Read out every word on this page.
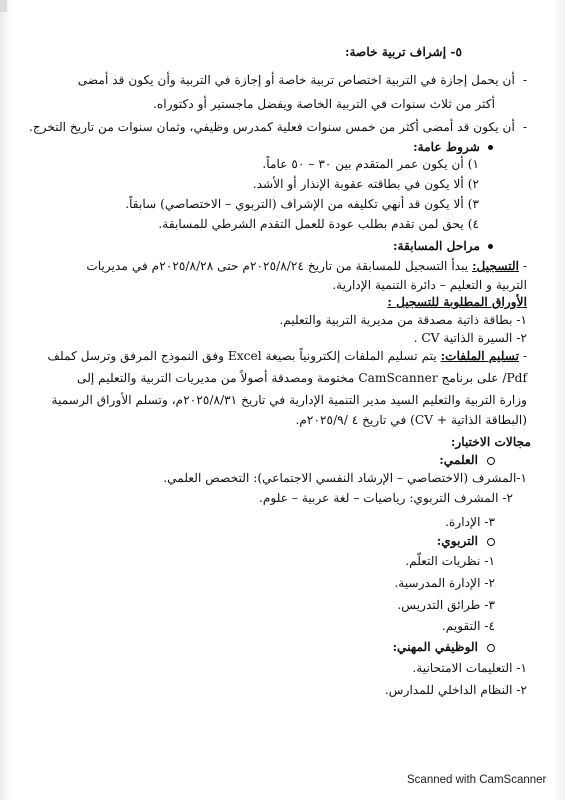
٥- إشراف تربية خاصة:
-أن يحمل إجازة في التربية اختصاص تربية خاصة أو إجازة في التربية وأن يكون قد أمضى
أكثر من ثلاث سنوات في التربية الخاصة ويفضل ماجستير أو دكتوراه.
-أن يكون قد أمضى أكثر من خمس سنوات فعلية كمدرس وظيفي، وثمان سنوات من تاريخ التخرج.
شروط عامة:
١) أن يكون عمر المتقدم بين ٣٠ – ٥٠ عاماً.
٢) ألا يكون في بطاقته عقوبة الإنذار أو الأشد.
٣) ألا يكون قد أنهي تكليفه من الإشراف (التربوي – الاختصاصي) سابقاً.
٤) يحق لمن تقدم بطلب عودة للعمل التقدم الشرطي للمسابقة.
مراحل المسابقة:
- التسجيل: يبدأ التسجيل للمسابقة من تاريخ ٢٠٢٥/٨/٢٤م حتى ٢٠٢٥/٨/٢٨م في مديريات
التربية و التعليم – دائرة التنمية الإدارية.
الأوراق المطلوبة للتسجيل :
١- بطاقة ذاتية مصدقة من مديرية التربية والتعليم.
٢- السيرة الذاتية CV .
- تسليم الملفات: يتم تسليم الملفات إلكترونياً بصيغة Excel وفق النموذج المرفق وترسل كملف
Pdf/ على برنامج CamScanner مختومة ومصدقة أصولاً من مديريات التربية والتعليم إلى
وزارة التربية والتعليم السيد مدير التنمية الإدارية في تاريخ ٢٠٢٥/٨/٣١م، وتسلم الأوراق الرسمية
(البطاقة الذاتية + CV) في تاريخ ٤ /٢٠٢٥/٩م.
مجالات الاختبار:
العلمي:
١-المشرف (الاختصاصي – الإرشاد النفسي الاجتماعي): التخصص العلمي.
٢- المشرف التربوي: رياضيات – لغة عربية – علوم.
٣- الإدارة.
التربوي:
١- نظريات التعلّم.
٢- الإدارة المدرسية.
٣- طرائق التدريس.
٤- التقويم.
الوظيفي المهني:
١- التعليمات الامتحانية.
٢- النظام الداخلي للمدارس.
Scanned with CamScanner
